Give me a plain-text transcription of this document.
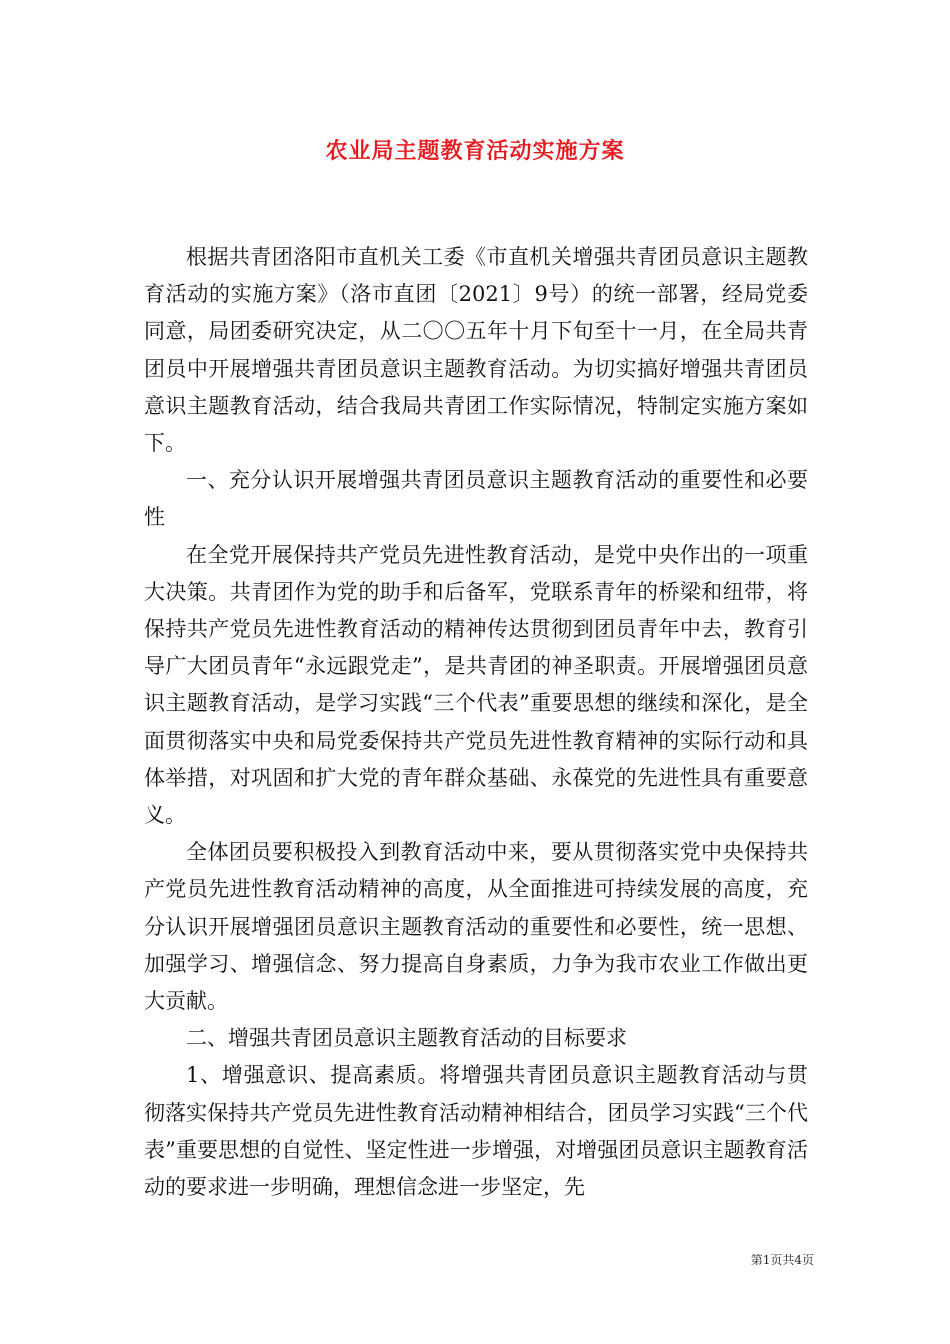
农业局主题教育活动实施方案

根据共青团洛阳市直机关工委《市直机关增强共青团员意识主题教育活动的实施方案》（洛市直团〔2021〕9号）的统一部署，经局党委同意，局团委研究决定，从二〇〇五年十月下旬至十一月，在全局共青团员中开展增强共青团员意识主题教育活动。为切实搞好增强共青团员意识主题教育活动，结合我局共青团工作实际情况，特制定实施方案如下。

一、充分认识开展增强共青团员意识主题教育活动的重要性和必要性

在全党开展保持共产党员先进性教育活动，是党中央作出的一项重大决策。共青团作为党的助手和后备军，党联系青年的桥梁和纽带，将保持共产党员先进性教育活动的精神传达贯彻到团员青年中去，教育引导广大团员青年“永远跟党走”，是共青团的神圣职责。开展增强团员意识主题教育活动，是学习实践“三个代表”重要思想的继续和深化，是全面贯彻落实中央和局党委保持共产党员先进性教育精神的实际行动和具体举措，对巩固和扩大党的青年群众基础、永葆党的先进性具有重要意义。

全体团员要积极投入到教育活动中来，要从贯彻落实党中央保持共产党员先进性教育活动精神的高度，从全面推进可持续发展的高度，充分认识开展增强团员意识主题教育活动的重要性和必要性，统一思想、加强学习、增强信念、努力提高自身素质，力争为我市农业工作做出更大贡献。

二、增强共青团员意识主题教育活动的目标要求

1、增强意识、提高素质。将增强共青团员意识主题教育活动与贯彻落实保持共产党员先进性教育活动精神相结合，团员学习实践“三个代表”重要思想的自觉性、坚定性进一步增强，对增强团员意识主题教育活动的要求进一步明确，理想信念进一步坚定，先

第1页共4页
